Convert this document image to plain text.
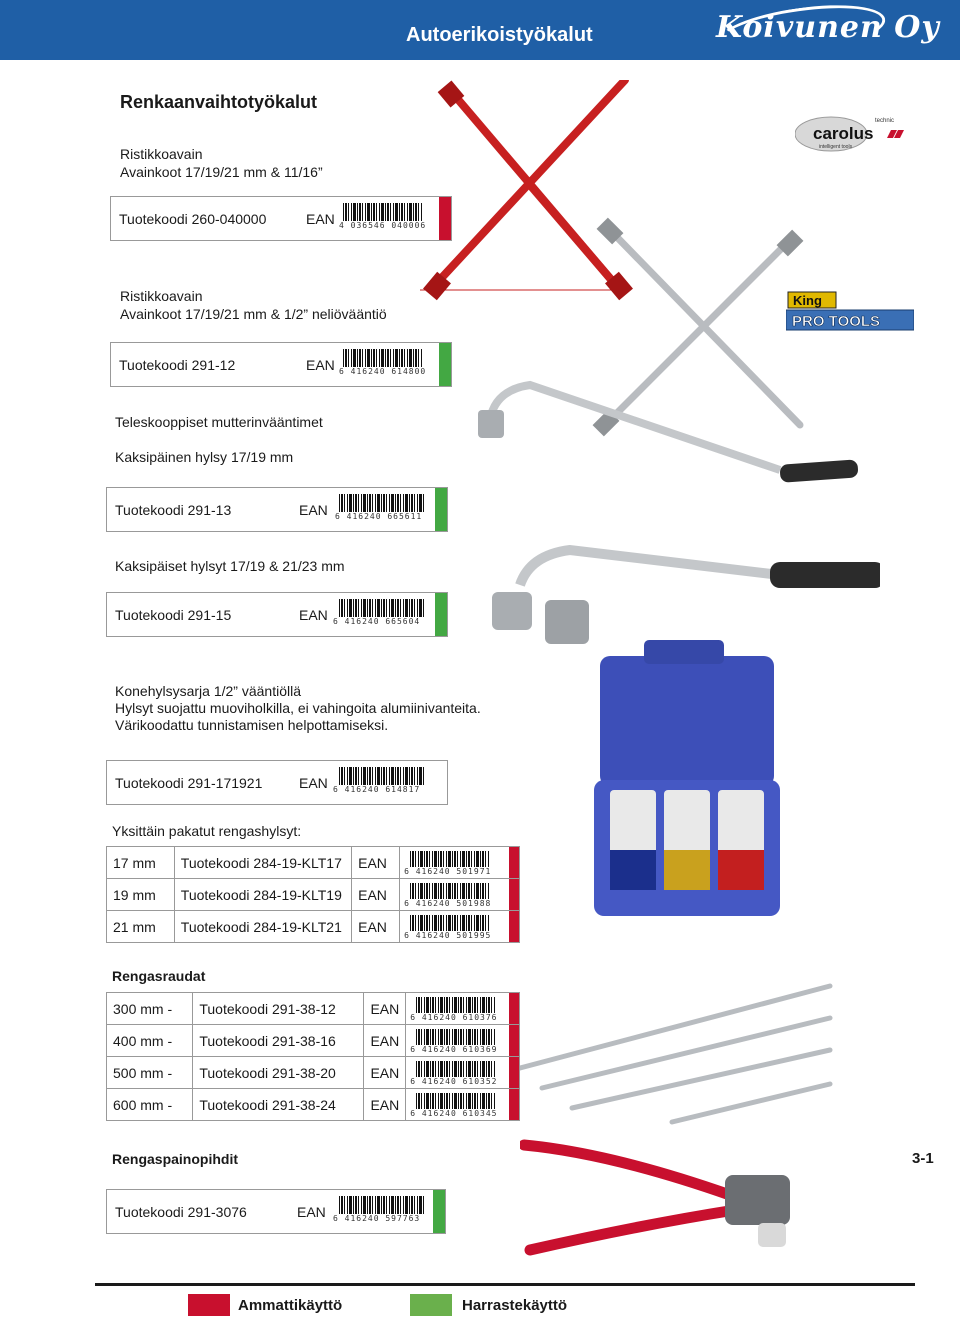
Autoerikoistyökalut	Koivunen Oy
Renkaanvaihtotyökalut
carolus
technic
intelligent tools
King
PRO TOOLS
Ristikkoavain
Avainkoot 17/19/21 mm & 11/16”
Tuotekoodi 260-040000	EAN 4 036546 040006
Ristikkoavain
Avainkoot 17/19/21 mm & 1/2” neliövääntiö
Tuotekoodi 291-12	EAN 6 416240 614800
Teleskooppiset mutterinvääntimet
Kaksipäinen hylsy 17/19 mm
Tuotekoodi 291-13	EAN 6 416240 665611
Kaksipäiset hylsyt 17/19 & 21/23 mm
Tuotekoodi 291-15	EAN 6 416240 665604
Konehylsysarja 1/2” vääntiöllä
Hylsyt suojattu muoviholkilla, ei vahingoita alumiinivanteita.
Värikoodattu tunnistamisen helpottamiseksi.
Tuotekoodi 291-171921	EAN 6 416240 614817
Yksittäin pakatut rengashylsyt:
17 mm	Tuotekoodi 284-19-KLT17	EAN	6 416240 501971

19 mm	Tuotekoodi 284-19-KLT19	EAN	6 416240 501988

21 mm	Tuotekoodi 284-19-KLT21	EAN	6 416240 501995
Rengasraudat
300 mm -	Tuotekoodi 291-38-12	EAN	6 416240 610376

400 mm -	Tuotekoodi 291-38-16	EAN	6 416240 610369

500 mm -	Tuotekoodi 291-38-20	EAN	6 416240 610352

600 mm -	Tuotekoodi 291-38-24	EAN	6 416240 610345
Rengaspainopihdit
Tuotekoodi 291-3076	EAN 6 416240 597763
3-1
Ammattikäyttö	Harrastekäyttö
